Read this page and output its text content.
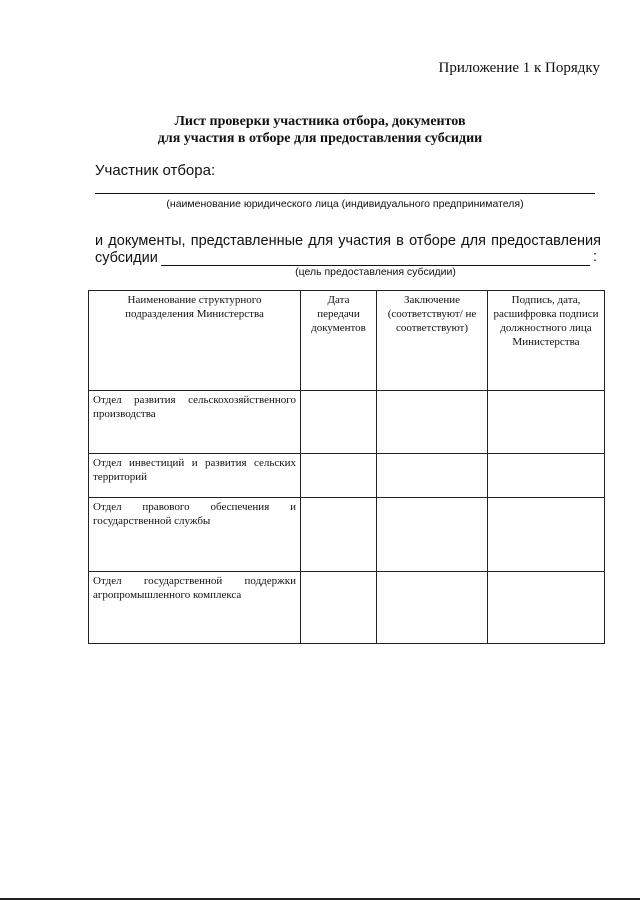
Приложение 1 к Порядку
Лист проверки участника отбора, документов
для участия в отборе для предоставления субсидии
Участник отбора:
(наименование юридического лица (индивидуального предпринимателя)
и документы, представленные для участия в отборе для предоставления
субсидии	:
(цель предоставления субсидии)
Наименование структурного подразделения Министерства	Дата передачи документов	Заключение (соответствуют/ не соответствуют)	Подпись, дата, расшифровка подписи должностного лица Министерства
Отдел развития сельскохозяйственного производства			
Отдел инвестиций и развития сельских территорий			
Отдел правового обеспечения и государственной службы			
Отдел государственной поддержки агропромышленного комплекса			
